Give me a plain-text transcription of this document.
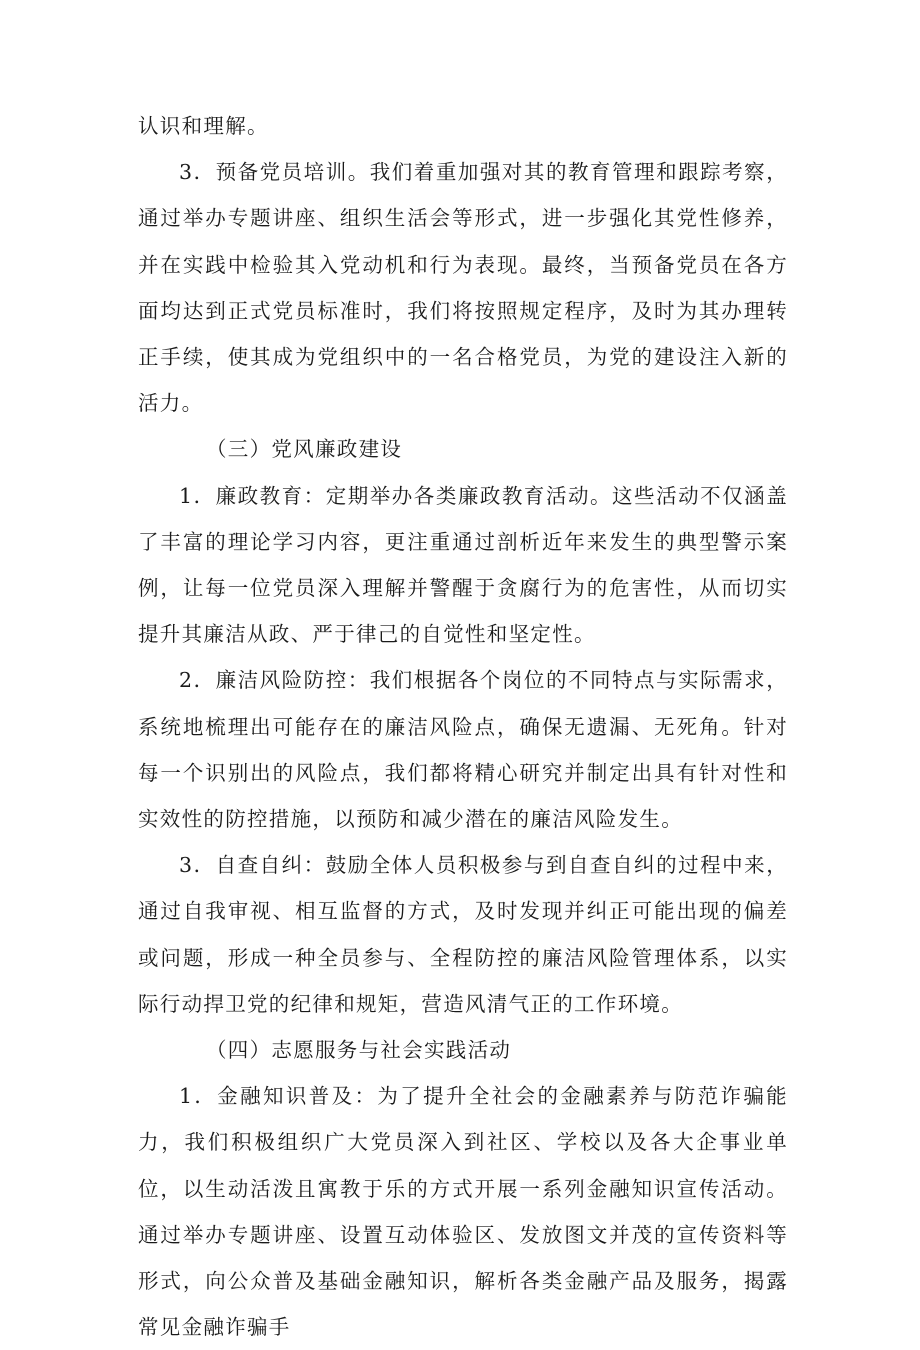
认识和理解。

3．预备党员培训。我们着重加强对其的教育管理和跟踪考察，通过举办专题讲座、组织生活会等形式，进一步强化其党性修养，并在实践中检验其入党动机和行为表现。最终，当预备党员在各方面均达到正式党员标准时，我们将按照规定程序，及时为其办理转正手续，使其成为党组织中的一名合格党员，为党的建设注入新的活力。

（三）党风廉政建设

1．廉政教育：定期举办各类廉政教育活动。这些活动不仅涵盖了丰富的理论学习内容，更注重通过剖析近年来发生的典型警示案例，让每一位党员深入理解并警醒于贪腐行为的危害性，从而切实提升其廉洁从政、严于律己的自觉性和坚定性。

2．廉洁风险防控：我们根据各个岗位的不同特点与实际需求，系统地梳理出可能存在的廉洁风险点，确保无遗漏、无死角。针对每一个识别出的风险点，我们都将精心研究并制定出具有针对性和实效性的防控措施，以预防和减少潜在的廉洁风险发生。

3．自查自纠：鼓励全体人员积极参与到自查自纠的过程中来，通过自我审视、相互监督的方式，及时发现并纠正可能出现的偏差或问题，形成一种全员参与、全程防控的廉洁风险管理体系，以实际行动捍卫党的纪律和规矩，营造风清气正的工作环境。

（四）志愿服务与社会实践活动

1．金融知识普及：为了提升全社会的金融素养与防范诈骗能力，我们积极组织广大党员深入到社区、学校以及各大企事业单位，以生动活泼且寓教于乐的方式开展一系列金融知识宣传活动。通过举办专题讲座、设置互动体验区、发放图文并茂的宣传资料等形式，向公众普及基础金融知识，解析各类金融产品及服务，揭露常见金融诈骗手
